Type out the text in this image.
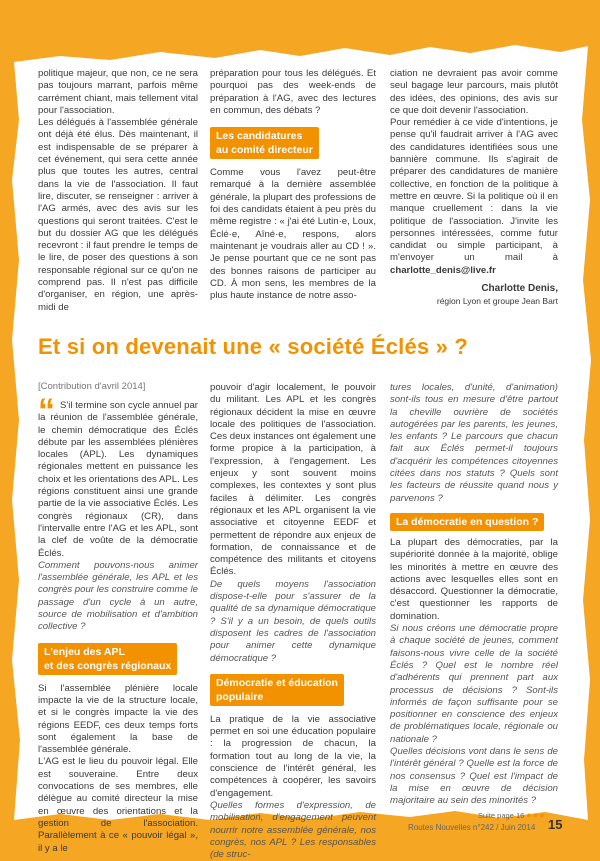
politique majeur, que non, ce ne sera pas toujours marrant, parfois même carrément chiant, mais tellement vital pour l'association.

Les délégués à l'assemblée générale ont déjà été élus. Dès maintenant, il est indispensable de se préparer à cet événement, qui sera cette année plus que toutes les autres, central dans la vie de l'association. Il faut lire, discuter, se renseigner : arriver à l'AG armés, avec des avis sur les questions qui seront traitées. C'est le but du dossier AG que les délégués recevront : il faut prendre le temps de le lire, de poser des questions à son responsable régional sur ce qu'on ne comprend pas. Il n'est pas difficile d'organiser, en région, une après-midi de

préparation pour tous les délégués. Et pourquoi pas des week-ends de préparation à l'AG, avec des lectures en commun, des débats ?

Les candidatures
au comité directeur

Comme vous l'avez peut-être remarqué à la dernière assemblée générale, la plupart des professions de foi des candidats étaient à peu près du même registre : « j'ai été Lutin·e, Loux, Éclé·e, Aîné·e, respons, alors maintenant je voudrais aller au CD ! ». Je pense pourtant que ce ne sont pas des bonnes raisons de participer au CD. À mon sens, les membres de la plus haute instance de notre asso-

ciation ne devraient pas avoir comme seul bagage leur parcours, mais plutôt des idées, des opinions, des avis sur ce que doit devenir l'association.

Pour remédier à ce vide d'intentions, je pense qu'il faudrait arriver à l'AG avec des candidatures identifiées sous une bannière commune. Ils s'agirait de préparer des candidatures de manière collective, en fonction de la politique à mettre en œuvre. Si la politique où il en manque cruellement : dans la vie politique de l'association. J'invite les personnes intéressées, comme futur candidat ou simple participant, à m'envoyer un mail à charlotte_denis@live.fr

Charlotte Denis,

région Lyon et groupe Jean Bart

Et si on devenait une « société Éclés » ?
[Contribution d'avril 2014]
“ S'il termine son cycle annuel par la réunion de l'assemblée générale, le chemin démocratique des Éclés débute par les assemblées plénières locales (APL). Les dynamiques régionales mettent en puissance les choix et les orientations des APL. Les régions constituent ainsi une grande partie de la vie associative Éclés. Les congrès régionaux (CR), dans l'intervalle entre l'AG et les APL, sont la clef de voûte de la démocratie Éclés.

Comment pouvons-nous animer l'assemblée générale, les APL et les congrès pour les construire comme le passage d'un cycle à un autre, source de mobilisation et d'ambition collective ?

L'enjeu des APL
et des congrès régionaux

Si l'assemblée plénière locale impacte la vie de la structure locale, et si le congrès impacte la vie des régions EEDF, ces deux temps forts sont également la base de l'assemblée générale.
L'AG est le lieu du pouvoir légal. Elle est souveraine. Entre deux convocations de ses membres, elle délègue au comité directeur la mise en œuvre des orientations et la gestion de l'association. Parallèlement à ce « pouvoir légal », il y a le

pouvoir d'agir localement, le pouvoir du militant. Les APL et les congrès régionaux décident la mise en œuvre locale des politiques de l'association. Ces deux instances ont également une forme propice à la participation, à l'expression, à l'engagement. Les enjeux y sont souvent moins complexes, les contextes y sont plus faciles à délimiter. Les congrès régionaux et les APL organisent la vie associative et citoyenne EEDF et permettent de répondre aux enjeux de formation, de connaissance et de compétence des militants et citoyens Éclés.

De quels moyens l'association dispose-t-elle pour s'assurer de la qualité de sa dynamique démocratique ? S'il y a un besoin, de quels outils disposent les cadres de l'association pour animer cette dynamique démocratique ?

Démocratie et éducation
populaire

La pratique de la vie associative permet en soi une éducation populaire : la progression de chacun, la formation tout au long de la vie, la conscience de l'intérêt général, les compétences à coopérer, les savoirs d'engagement.

Quelles formes d'expression, de mobilisation, d'engagement peuvent nourrir notre assemblée générale, nos congrès, nos APL ? Les responsables (de struc-

tures locales, d'unité, d'animation) sont-ils tous en mesure d'être partout la cheville ouvrière de sociétés autogérées par les parents, les jeunes, les enfants ? Le parcours que chacun fait aux Éclés permet-il toujours d'acquérir les compétences citoyennes citées dans nos statuts ? Quels sont les facteurs de réussite quand nous y parvenons ?

La démocratie en question ?

La plupart des démocraties, par la supériorité donnée à la majorité, oblige les minorités à mettre en œuvre des actions avec lesquelles elles sont en désaccord. Questionner la démocratie, c'est questionner les rapports de domination.

Si nous créons une démocratie propre à chaque société de jeunes, comment faisons-nous vivre celle de la société Éclés ? Quel est le nombre réel d'adhérents qui prennent part aux processus de décisions ? Sont-ils informés de façon suffisante pour se positionner en conscience des enjeux de problématiques locale, régionale ou nationale ?
Quelles décisions vont dans le sens de l'intérêt général ? Quelle est la force de nos consensus ? Quel est l'impact de la mise en œuvre de décision majoritaire au sein des minorités ?

Suite page 16 ●●●
Routes Nouvelles n°242 / Juin 2014 15
